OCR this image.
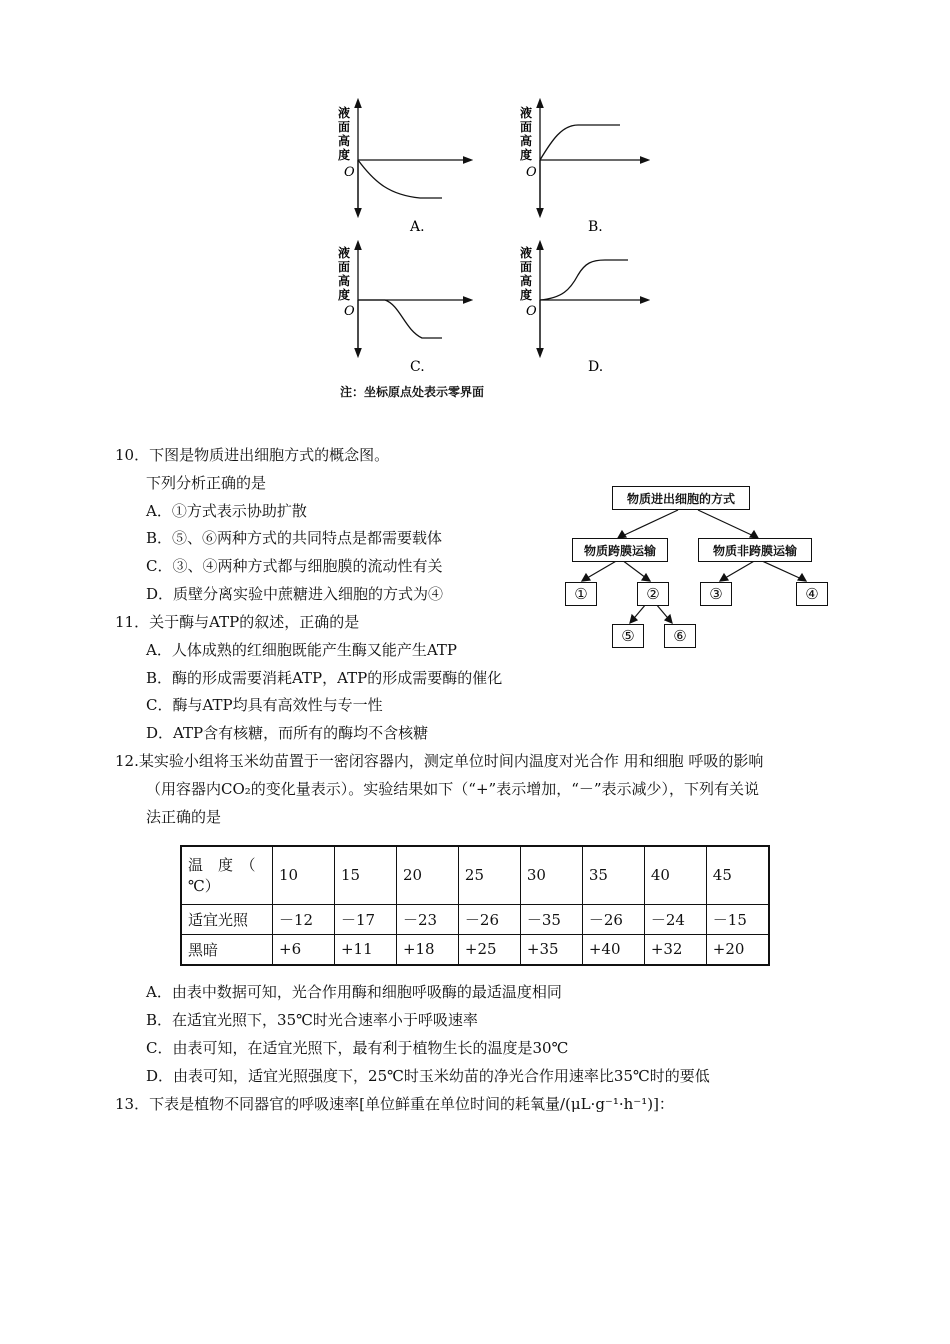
液
面
高
度
O
A.
液
面
高
度
O
B.
液
面
高
度
O
C.
液
面
高
度
O
D.
注：坐标原点处表示零界面
10．下图是物质进出细胞方式的概念图。
下列分析正确的是
A．①方式表示协助扩散
B．⑤、⑥两种方式的共同特点是都需要载体
C．③、④两种方式都与细胞膜的流动性有关
D．质壁分离实验中蔗糖进入细胞的方式为④
物质进出细胞的方式
物质跨膜运输	物质非跨膜运输
①	②	③	④
⑤	⑥
11．关于酶与ATP的叙述，正确的是
A．人体成熟的红细胞既能产生酶又能产生ATP
B．酶的形成需要消耗ATP，ATP的形成需要酶的催化
C．酶与ATP均具有高效性与专一性
D．ATP含有核糖，而所有的酶均不含核糖
12.某实验小组将玉米幼苗置于一密闭容器内，测定单位时间内温度对光合作 用和细胞 呼吸的影响
（用容器内CO₂的变化量表示）。实验结果如下（“+”表示增加，“－”表示减少），下列有关说
法正确的是
温　度　（
℃）	10	15	20	25	30	35	40	45
适宜光照	－12	－17	－23	－26	－35	－26	－24	－15
黑暗	+6	+11	+18	+25	+35	+40	+32	+20
A．由表中数据可知，光合作用酶和细胞呼吸酶的最适温度相同
B．在适宜光照下，35℃时光合速率小于呼吸速率
C．由表可知，在适宜光照下，最有利于植物生长的温度是30℃
D．由表可知，适宜光照强度下，25℃时玉米幼苗的净光合作用速率比35℃时的要低
13．下表是植物不同器官的呼吸速率[单位鲜重在单位时间的耗氧量/(μL·g⁻¹·h⁻¹)]：
